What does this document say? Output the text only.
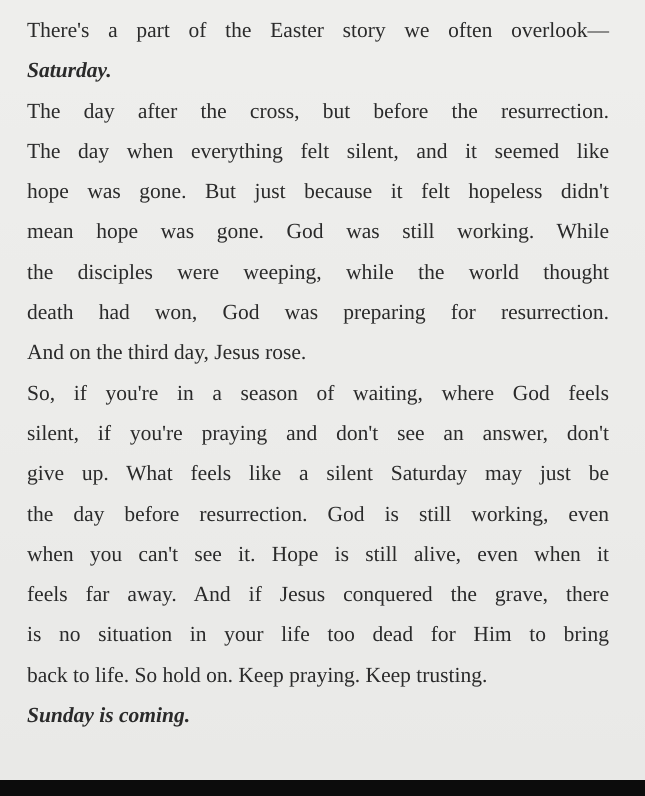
There's a part of the Easter story we often overlook—
Saturday.
The day after the cross, but before the resurrection.
The day when everything felt silent, and it seemed like
hope was gone. But just because it felt hopeless didn't
mean hope was gone. God was still working. While
the disciples were weeping, while the world thought
death had won, God was preparing for resurrection.
And on the third day, Jesus rose.
So, if you're in a season of waiting, where God feels
silent, if you're praying and don't see an answer, don't
give up. What feels like a silent Saturday may just be
the day before resurrection. God is still working, even
when you can't see it. Hope is still alive, even when it
feels far away. And if Jesus conquered the grave, there
is no situation in your life too dead for Him to bring
back to life. So hold on. Keep praying. Keep trusting.
Sunday is coming.
